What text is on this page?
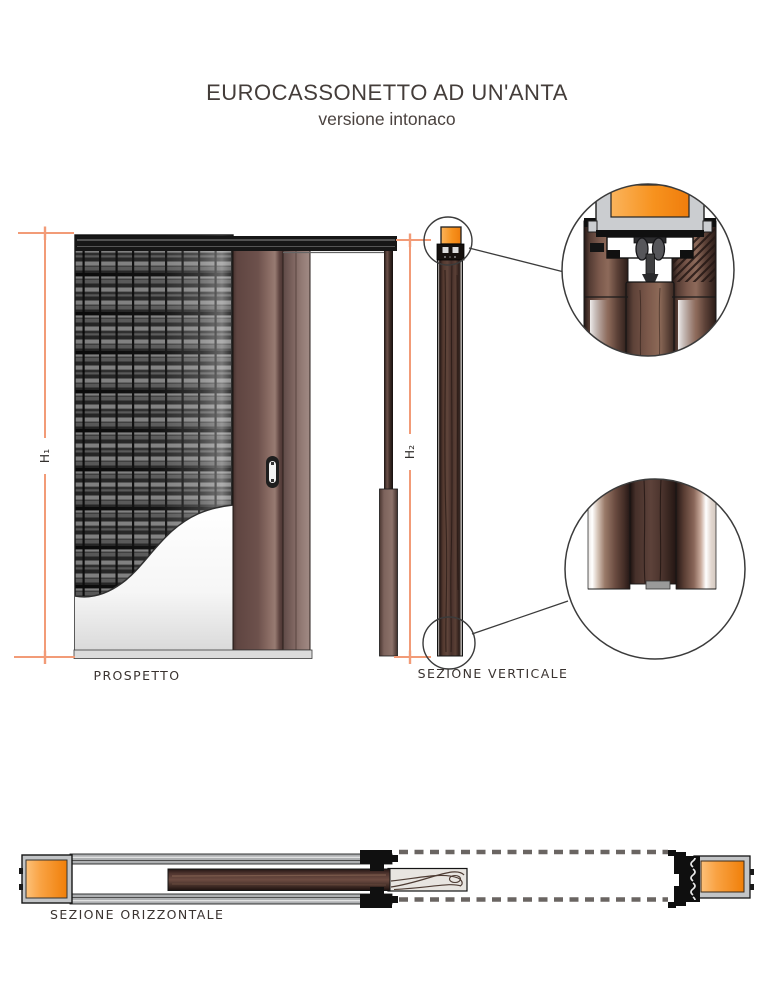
EUROCASSONETTO AD UN'ANTA
versione intonaco
H₁	H₂
PROSPETTO	SEZIONE VERTICALE
SEZIONE ORIZZONTALE
